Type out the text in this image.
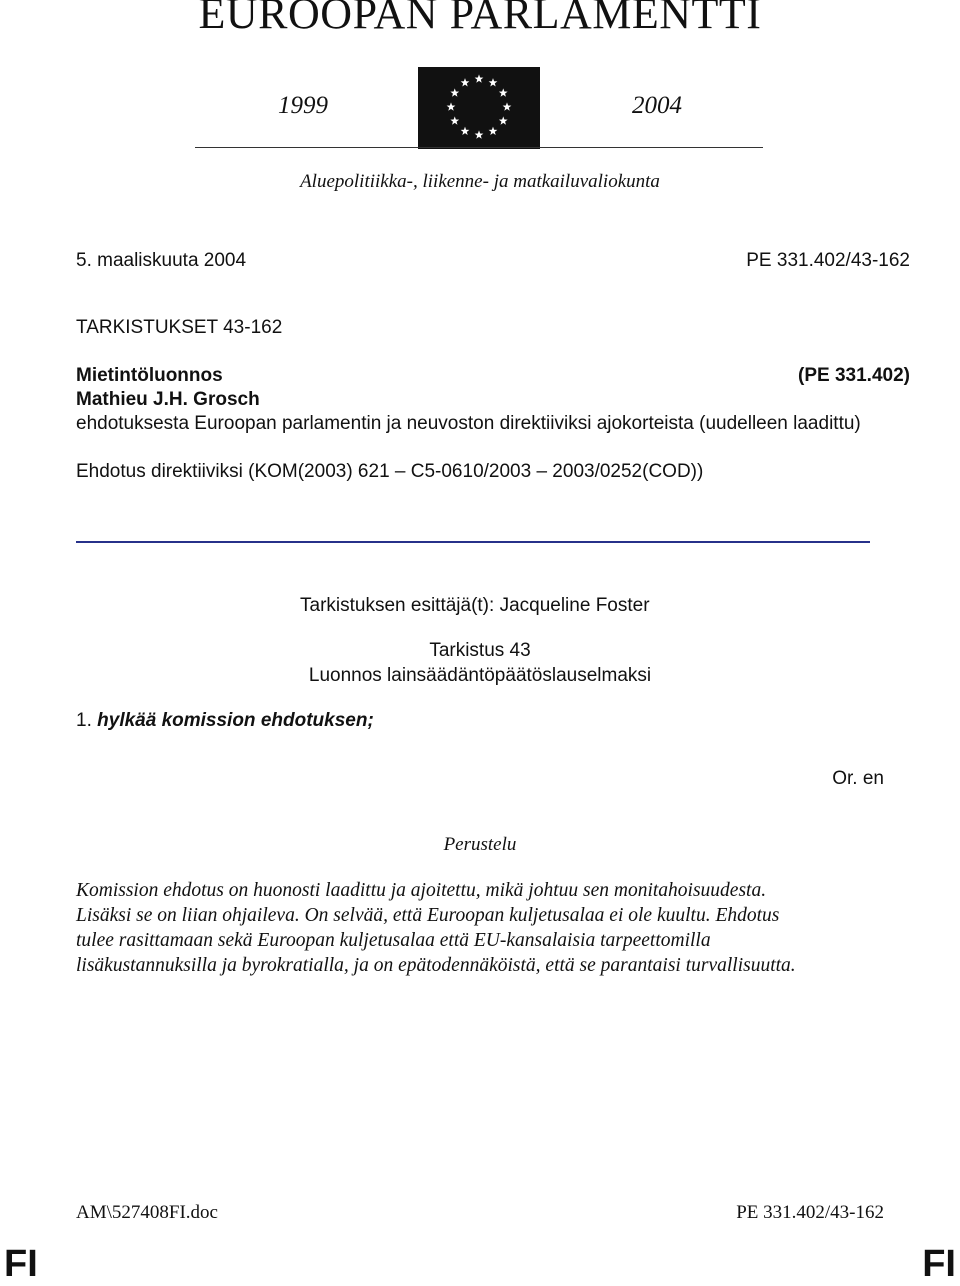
EUROOPAN PARLAMENTTI
1999	2004
Aluepolitiikka-, liikenne- ja matkailuvaliokunta
5. maaliskuuta 2004	PE 331.402/43-162
TARKISTUKSET 43-162
Mietintöluonnos	(PE 331.402)
Mathieu J.H. Grosch
ehdotuksesta Euroopan parlamentin ja neuvoston direktiiviksi ajokorteista (uudelleen laadittu)
Ehdotus direktiiviksi (KOM(2003) 621 – C5-0610/2003 – 2003/0252(COD))
Tarkistuksen esittäjä(t): Jacqueline Foster
Tarkistus 43
Luonnos lainsäädäntöpäätöslauselmaksi
1. hylkää komission ehdotuksen;
Or. en
Perustelu
Komission ehdotus on huonosti laadittu ja ajoitettu, mikä johtuu sen monitahoisuudesta.
Lisäksi se on liian ohjaileva. On selvää, että Euroopan kuljetusalaa ei ole kuultu. Ehdotus
tulee rasittamaan sekä Euroopan kuljetusalaa että EU-kansalaisia tarpeettomilla
lisäkustannuksilla ja byrokratialla, ja on epätodennäköistä, että se parantaisi turvallisuutta.
AM\527408FI.doc	PE 331.402/43-162
FI	FI
